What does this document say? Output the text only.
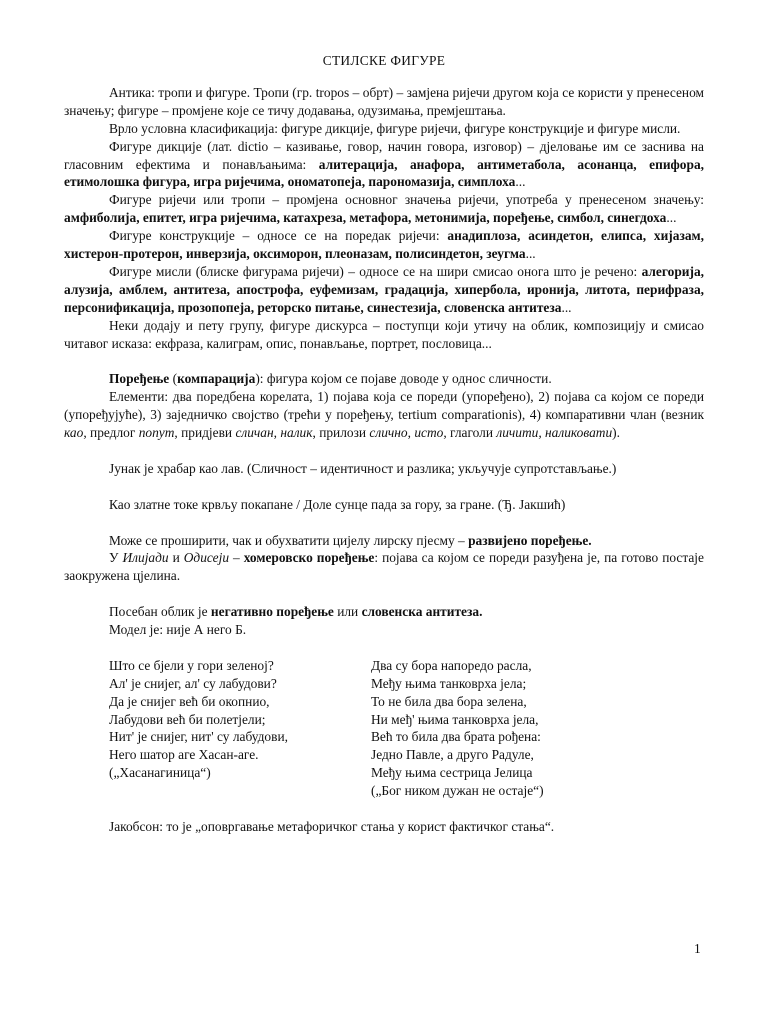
СТИЛСКЕ ФИГУРЕ

Антика: тропи и фигуре. Тропи (гр. tropos – обрт) – замјена ријечи другом која се користи у пренесеном значењу; фигуре – промјене које се тичу додавања, одузимања, премјештања.

Врло условна класификација: фигуре дикције, фигуре ријечи, фигуре конструкције и фигуре мисли.

Фигуре дикције (лат. dictio – казивање, говор, начин говора, изговор) – дјеловање им се заснива на гласовним ефектима и понављањима: алитерација, анафора, антиметабола, асонанца, епифора, етимолошка фигура, игра ријечима, ономатопеја, парономазија, симплоха...

Фигуре ријечи или тропи – промјена основног значења ријечи, употреба у пренесеном значењу: амфиболија, епитет, игра ријечима, катахреза, метафора, метонимија, поређење, симбол, синегдоха...

Фигуре конструкције – односе се на поредак ријечи: анадиплоза, асиндетон, елипса, хијазам, хистерон-протерон, инверзија, оксиморон, плеоназам, полисиндетон, зеугма...

Фигуре мисли (блиске фигурама ријечи) – односе се на шири смисао онога што је речено: алегорија, алузија, амблем, антитеза, апострофа, еуфемизам, градација, хипербола, иронија, литота, перифраза, персонификација, прозопопеја, реторско питање, синестезија, словенска антитеза...

Неки додају и пету групу, фигуре дискурса – поступци који утичу на облик, композицију и смисао читавог исказа: екфраза, калиграм, опис, понављање, портрет, пословица...

Поређење (компарација): фигура којом се појаве доводе у однос сличности.

Елементи: два поредбена корелата, 1) појава која се пореди (упоређено), 2) појава са којом се пореди (упоређујуће), 3) заједничко својство (трећи у поређењу, tertium comparationis), 4) компаративни члан (везник као, предлог попут, придјеви сличан, налик, прилози слично, исто, глаголи личити, наликовати).

Јунак је храбар као лав. (Сличност – идентичност и разлика; укључује супротстављање.)

Као златне токе крвљу покапане / Доле сунце пада за гору, за гране. (Ђ. Јакшић)

Може се проширити, чак и обухватити цијелу лирску пјесму – развијено поређење.

У Илијади и Одисеји – хомеровско поређење: појава са којом се пореди разуђена је, па готово постаје заокружена цјелина.

Посебан облик је негативно поређење или словенска антитеза.

Модел је: није А него Б.

Што се бјели у гори зеленој?
Ал' је снијег, ал' су лабудови?
Да је снијег већ би окопнио,
Лабудови већ би полетјели;
Нит' је снијег, нит' су лабудови,
Него шатор аге Хасан-аге.
(„Хасанагиница“)
Два су бора напоредо расла,
Међу њима танковрха јела;
То не била два бора зелена,
Ни међ' њима танковрха јела,
Већ то била два брата рођена:
Једно Павле, а друго Радуле,
Међу њима сестрица Јелица
(„Бог ником дужан не остаје“)

Јакобсон: то је „оповргавање метафоричког стања у корист фактичког стања“.

1
